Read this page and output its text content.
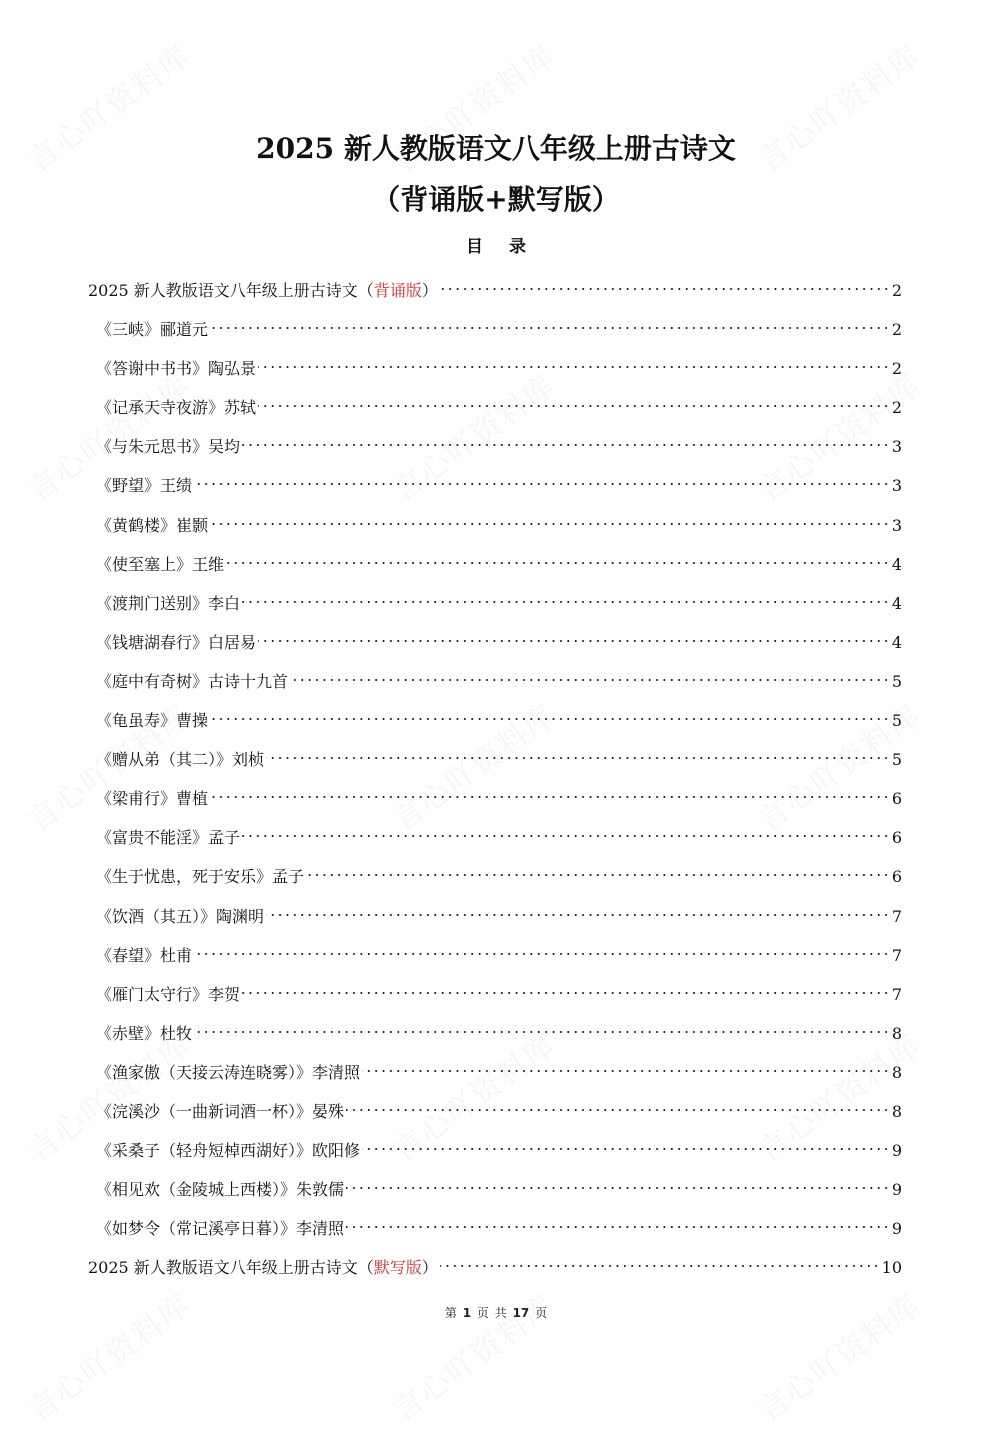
2025 新人教版语文八年级上册古诗文
（背诵版+默写版）
目 录
2025 新人教版语文八年级上册古诗文（背诵版）	2
《三峡》郦道元	2
《答谢中书书》陶弘景	2
《记承天寺夜游》苏轼	2
《与朱元思书》吴均	3
《野望》王绩	3
《黄鹤楼》崔颢	3
《使至塞上》王维	4
《渡荆门送别》李白	4
《钱塘湖春行》白居易	4
《庭中有奇树》古诗十九首	5
《龟虽寿》曹操	5
《赠从弟（其二）》刘桢	5
《梁甫行》曹植	6
《富贵不能淫》孟子	6
《生于忧患，死于安乐》孟子	6
《饮酒（其五）》陶渊明	7
《春望》杜甫	7
《雁门太守行》李贺	7
《赤壁》杜牧	8
《渔家傲（天接云涛连晓雾）》李清照	8
《浣溪沙（一曲新词酒一杯）》晏殊	8
《采桑子（轻舟短棹西湖好）》欧阳修	9
《相见欢（金陵城上西楼）》朱敦儒	9
《如梦令（常记溪亭日暮）》李清照	9
2025 新人教版语文八年级上册古诗文（默写版）	10
第 1 页 共 17 页
